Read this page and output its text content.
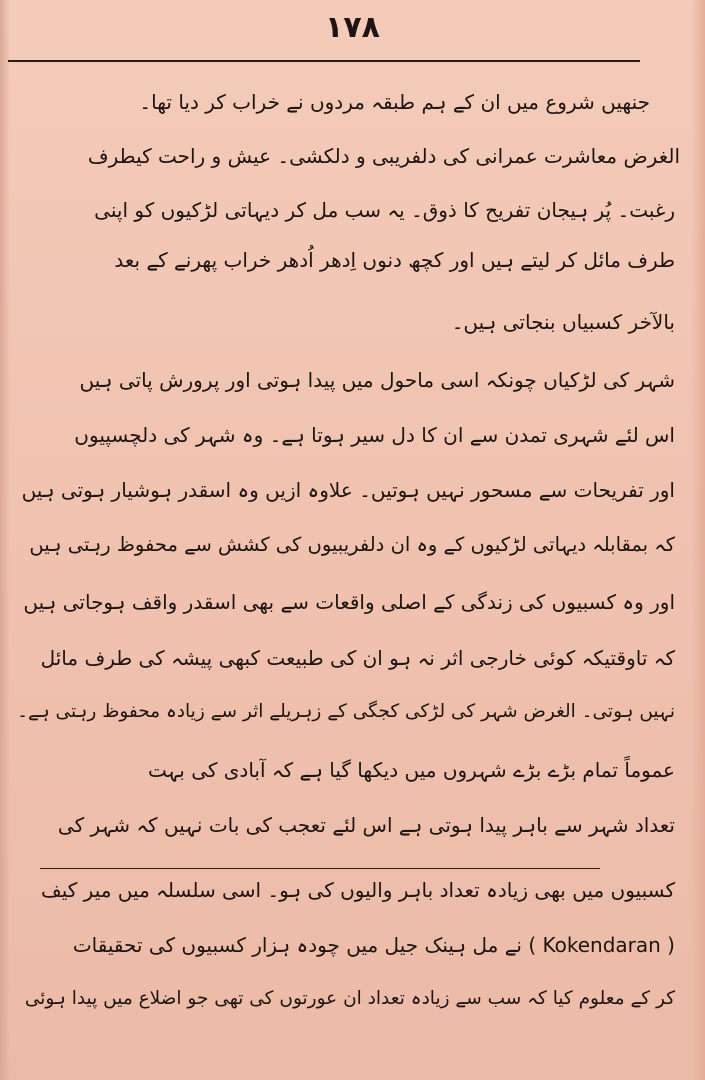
۱۷۸
جنھیں شروع میں ان کے ہم طبقہ مردوں نے خراب کر دیا تھا۔
الغرض معاشرت عمرانی کی دلفریبی و دلکشی۔ عیش و راحت کیطرف
رغبت۔ پُر ہیجان تفریح کا ذوق۔ یہ سب مل کر دیہاتی لڑکیوں کو اپنی
طرف مائل کر لیتے ہیں اور کچھ دنوں اِدھر اُدھر خراب پھرنے کے بعد
بالآخر کسبیاں بنجاتی ہیں۔
شہر کی لڑکیاں چونکہ اسی ماحول میں پیدا ہوتی اور پرورش پاتی ہیں
اس لئے شہری تمدن سے ان کا دل سیر ہوتا ہے۔ وہ شہر کی دلچسپیوں
اور تفریحات سے مسحور نہیں ہوتیں۔ علاوہ ازیں وہ اسقدر ہوشیار ہوتی ہیں
کہ بمقابلہ دیہاتی لڑکیوں کے وہ ان دلفریبیوں کی کشش سے محفوظ رہتی ہیں
اور وہ کسبیوں کی زندگی کے اصلی واقعات سے بھی اسقدر واقف ہوجاتی ہیں
کہ تاوقتیکہ کوئی خارجی اثر نہ ہو ان کی طبیعت کبھی پیشہ کی طرف مائل
نہیں ہوتی۔ الغرض شہر کی لڑکی کجگی کے زہریلے اثر سے زیادہ محفوظ رہتی ہے۔
عموماً تمام بڑے بڑے شہروں میں دیکھا گیا ہے کہ آبادی کی بہت
تعداد شہر سے باہر پیدا ہوتی ہے اس لئے تعجب کی بات نہیں کہ شہر کی
کسبیوں میں بھی زیادہ تعداد باہر والیوں کی ہو۔ اسی سلسلہ میں میر کیف
( Kokendaran ) نے مل ہینک جیل میں چودہ ہزار کسبیوں کی تحقیقات
کر کے معلوم کیا کہ سب سے زیادہ تعداد ان عورتوں کی تھی جو اضلاع میں پیدا ہوئی
